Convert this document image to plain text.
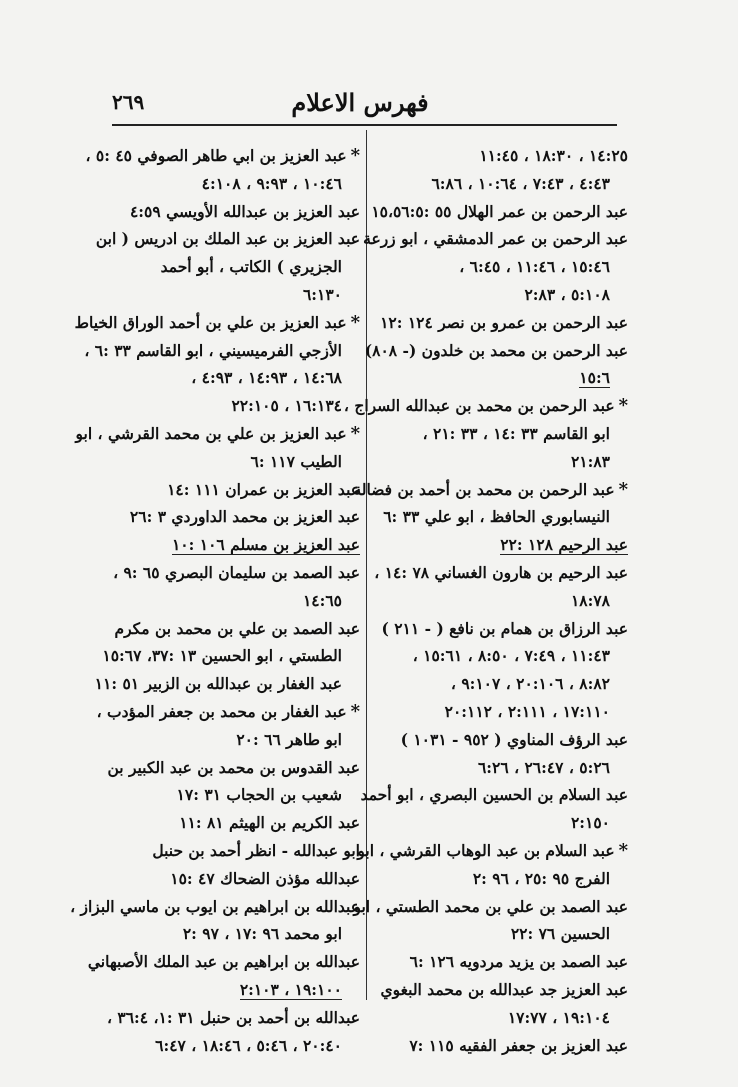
فهرس الاعلام
٢٦٩
١٤:٢٥ ، ١٨:٣٠ ، ١١:٤٥
٤:٤٣ ، ٧:٤٣ ، ١٠:٦٤ ، ٦:٨٦
عبد الرحمن بن عمر الهلال ٥٥ :١٥،٥٦:٥
عبد الرحمن بن عمر الدمشقي ، ابو زرعة
١٥:٤٦ ، ١١:٤٦ ، ٦:٤٥ ،
٥:١٠٨ ، ٢:٨٣
عبد الرحمن بن عمرو بن نصر ١٢٤ :١٢
عبد الرحمن بن محمد بن خلدون (- ٨٠٨)
١٥:٦
*عبد الرحمن بن محمد بن عبدالله السراج ،
ابو القاسم ٣٣ :١٤ ، ٣٣ :٢١ ،
٢١:٨٣
*عبد الرحمن بن محمد بن أحمد بن فضالة
النيسابوري الحافظ ، ابو علي ٣٣ :٦
عبد الرحيم ١٢٨ :٢٢
عبد الرحيم بن هارون الغساني ٧٨ :١٤ ،
١٨:٧٨
عبد الرزاق بن همام بن نافع ( - ٢١١ )
١١:٤٣ ، ٧:٤٩ ، ٨:٥٠ ، ١٥:٦١ ،
٨:٨٢ ، ٢٠:١٠٦ ، ٩:١٠٧ ،
١٧:١١٠ ، ٢:١١١ ، ٢٠:١١٢
عبد الرؤف المناوي ( ٩٥٢ - ١٠٣١ )
٥:٢٦ ، ٢٦:٤٧ ، ٦:٢٦
عبد السلام بن الحسين البصري ، ابو أحمد
٢:١٥٠
*عبد السلام بن عبد الوهاب القرشي ، ابو
الفرج ٩٥ :٢٥ ، ٩٦ :٢
عبد الصمد بن علي بن محمد الطستي ، ابو
الحسين ٧٦ :٢٢
عبد الصمد بن يزيد مردويه ١٢٦ :٦
عبد العزيز جد عبدالله بن محمد البغوي
١٩:١٠٤ ، ١٧:٧٧
عبد العزيز بن جعفر الفقيه ١١٥ :٧
*عبد العزيز بن ابي طاهر الصوفي ٤٥ :٥ ،
١٠:٤٦ ، ٩:٩٣ ، ٤:١٠٨
عبد العزيز بن عبدالله الأويسي ٤:٥٩
عبد العزيز بن عبد الملك بن ادريس ( ابن
الجزيري ) الكاتب ، أبو أحمد
٦:١٣٠
*عبد العزيز بن علي بن أحمد الوراق الخياط
الأزجي الفرميسيني ، ابو القاسم ٣٣ :٦ ،
١٤:٦٨ ، ١٤:٩٣ ، ٤:٩٣ ،
١٦:١٣٤ ، ٢٢:١٠٥
*عبد العزيز بن علي بن محمد القرشي ، ابو
الطيب ١١٧ :٦
عبد العزيز بن عمران ١١١ :١٤
عبد العزيز بن محمد الداوردي ٣ :٢٦
عبد العزيز بن مسلم ١٠٦ :١٠
عبد الصمد بن سليمان البصري ٦٥ :٩ ،
١٤:٦٥
عبد الصمد بن علي بن محمد بن مكرم
الطستي ، ابو الحسين ١٣ :٣٧، ١٥:٦٧
عبد الغفار بن عبدالله بن الزبير ٥١ :١١
*عبد الغفار بن محمد بن جعفر المؤدب ،
ابو طاهر ٦٦ :٢٠
عبد القدوس بن محمد بن عبد الكبير بن
شعيب بن الحجاب ٣١ :١٧
عبد الكريم بن الهيثم ٨١ :١١
ابو عبدالله - انظر أحمد بن حنبل
عبدالله مؤذن الضحاك ٤٧ :١٥
عبدالله بن ابراهيم بن ايوب بن ماسي البزاز ،
ابو محمد ٩٦ :١٧ ، ٩٧ :٢
عبدالله بن ابراهيم بن عبد الملك الأصبهاني
١٩:١٠٠ ، ٢:١٠٣
عبدالله بن أحمد بن حنبل ٣١ :١، ٣٦:٤ ،
٢٠:٤٠ ، ٥:٤٦ ، ١٨:٤٦ ، ٦:٤٧
